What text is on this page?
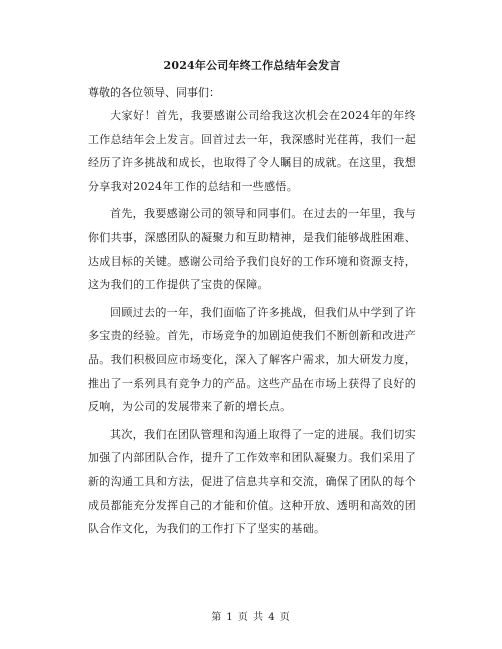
2024年公司年终工作总结年会发言
尊敬的各位领导、同事们：

大家好！首先，我要感谢公司给我这次机会在2024年的年终工作总结年会上发言。回首过去一年，我深感时光荏苒，我们一起经历了许多挑战和成长，也取得了令人瞩目的成就。在这里，我想分享我对2024年工作的总结和一些感悟。

首先，我要感谢公司的领导和同事们。在过去的一年里，我与你们共事，深感团队的凝聚力和互助精神，是我们能够战胜困难、达成目标的关键。感谢公司给予我们良好的工作环境和资源支持，这为我们的工作提供了宝贵的保障。

回顾过去的一年，我们面临了许多挑战，但我们从中学到了许多宝贵的经验。首先，市场竞争的加剧迫使我们不断创新和改进产品。我们积极回应市场变化，深入了解客户需求，加大研发力度，推出了一系列具有竞争力的产品。这些产品在市场上获得了良好的反响，为公司的发展带来了新的增长点。

其次，我们在团队管理和沟通上取得了一定的进展。我们切实加强了内部团队合作，提升了工作效率和团队凝聚力。我们采用了新的沟通工具和方法，促进了信息共享和交流，确保了团队的每个成员都能充分发挥自己的才能和价值。这种开放、透明和高效的团队合作文化，为我们的工作打下了坚实的基础。

第 1 页 共 4 页
